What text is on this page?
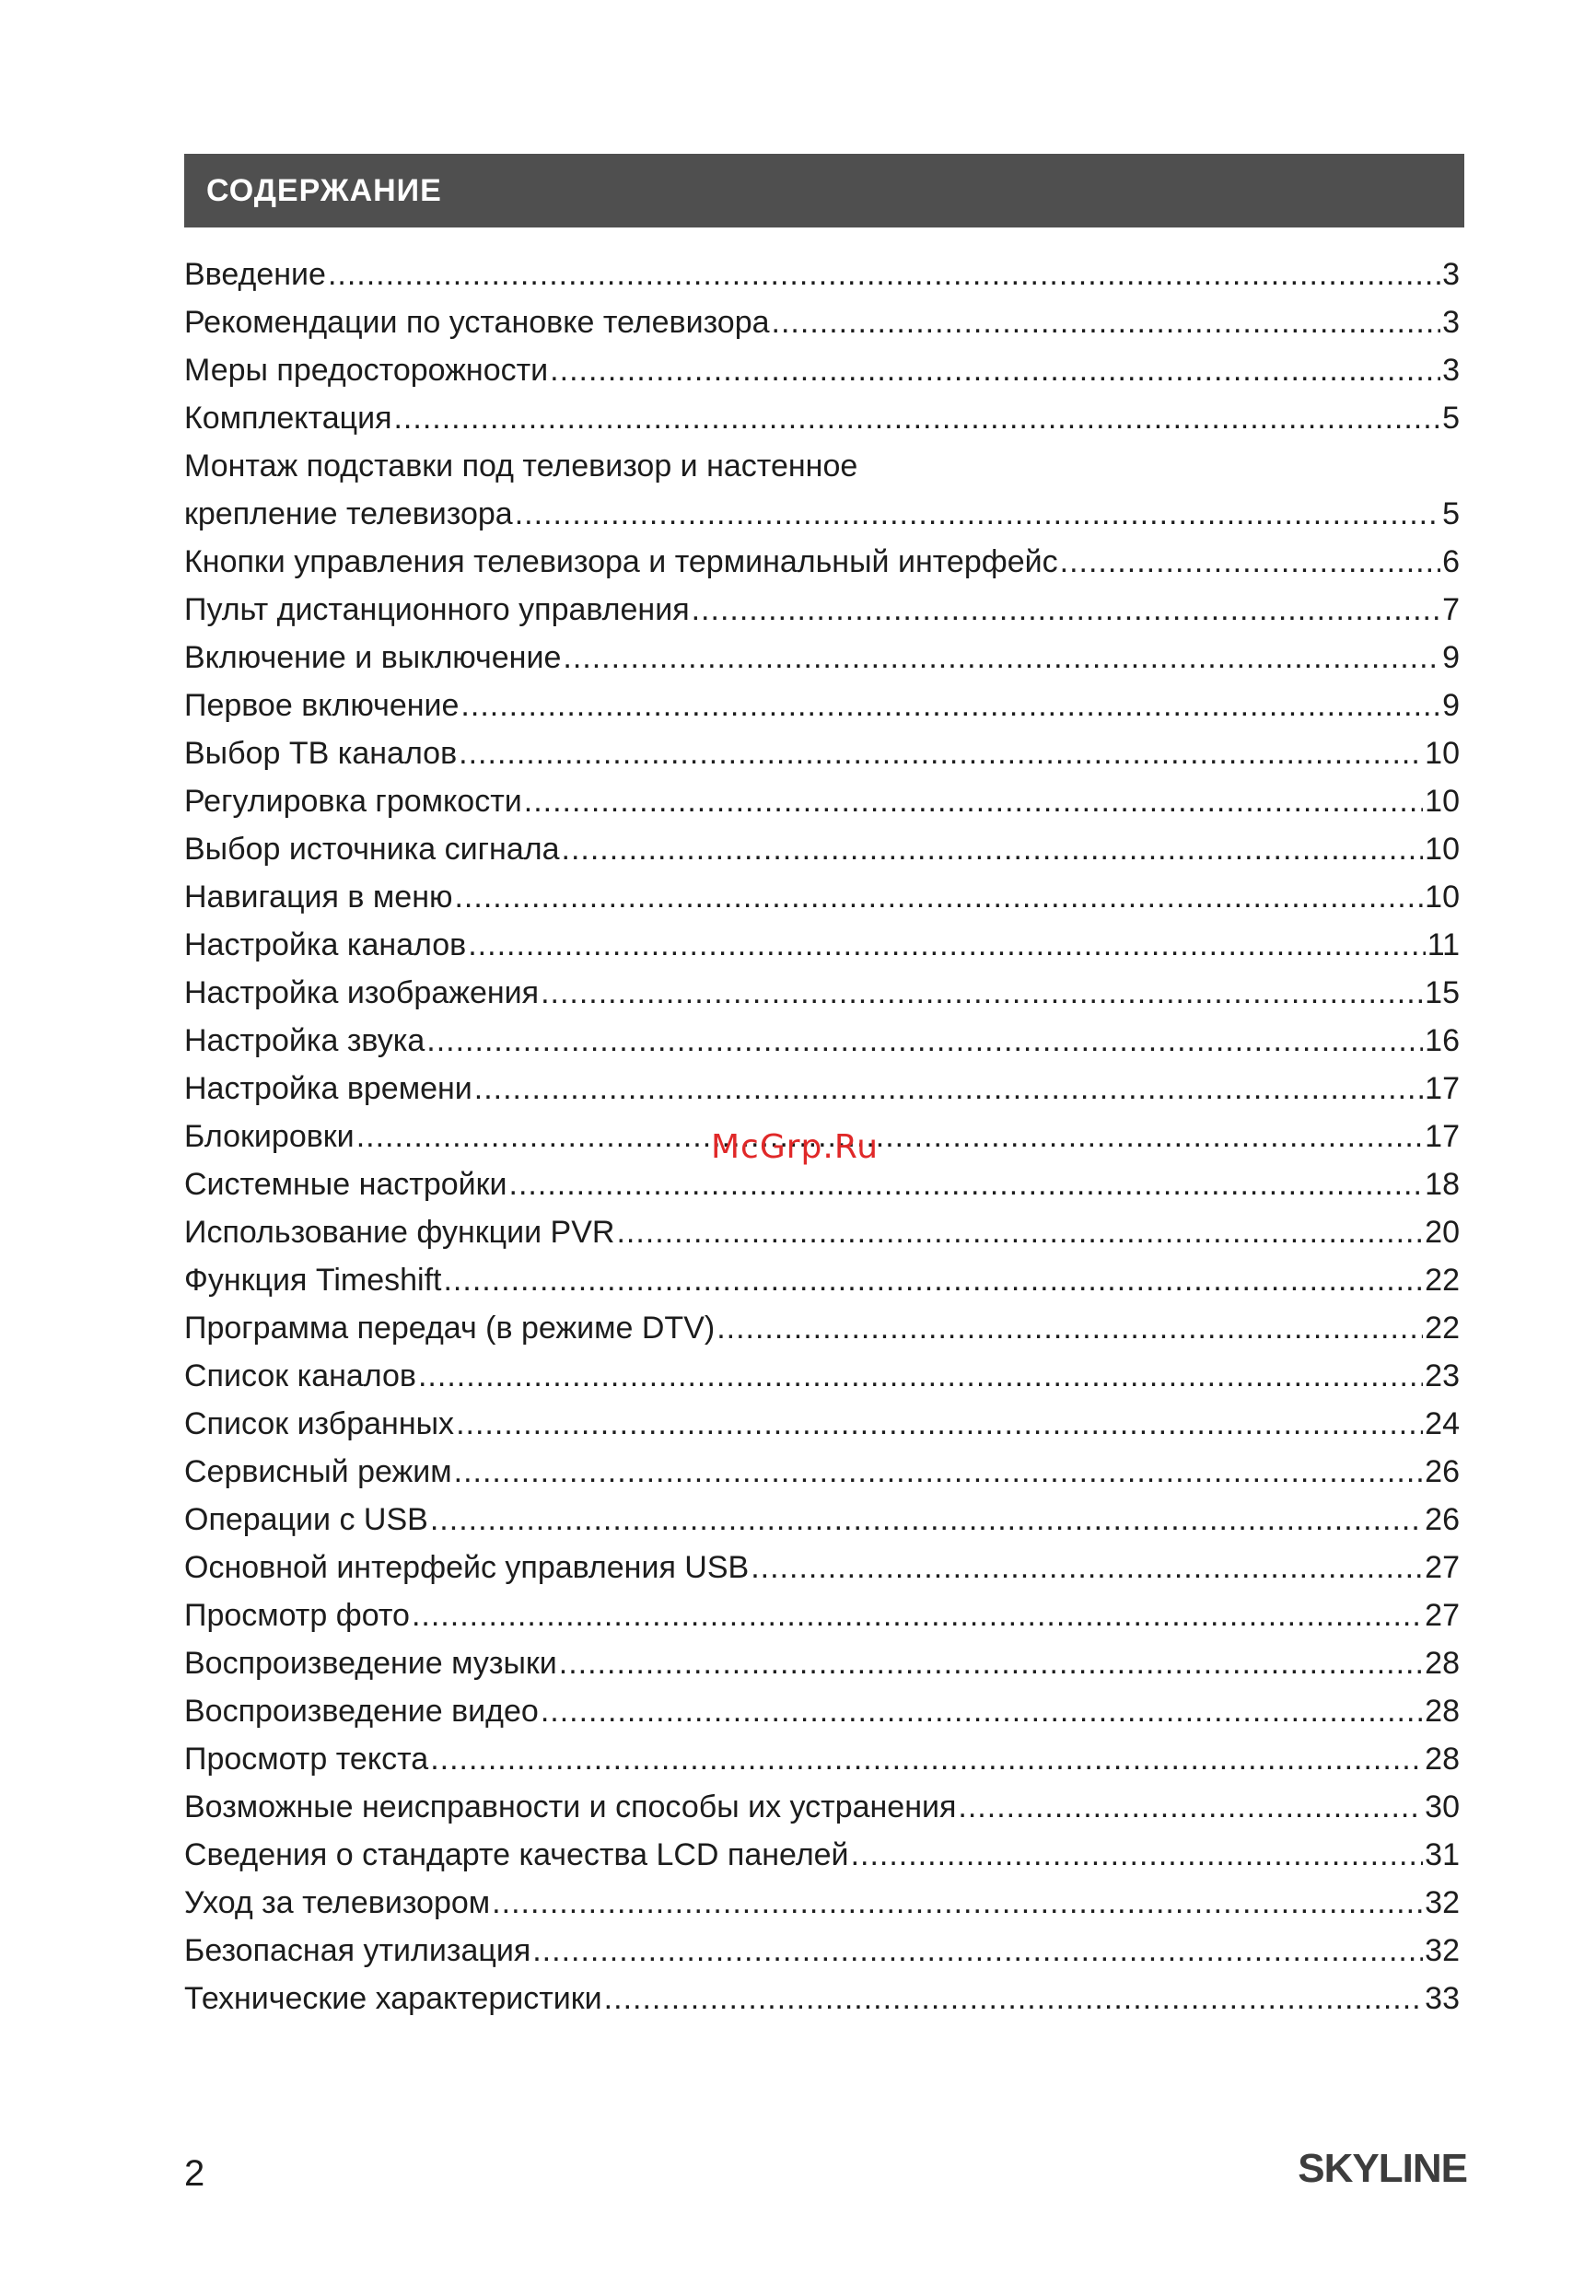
СОДЕРЖАНИЕ
Введение .....	3
Рекомендации по установке телевизора .....	3
Меры предосторожности .....	3
Комплектация .....	5
Монтаж подставки под телевизор и настенное
крепление телевизора .....	5
Кнопки управления телевизора и терминальный интерфейс .....	6
Пульт дистанционного управления .....	7
Включение и выключение .....	9
Первое включение .....	9
Выбор ТВ каналов .....	10
Регулировка громкости .....	10
Выбор источника сигнала .....	10
Навигация в меню .....	10
Настройка каналов .....	11
Настройка изображения .....	15
Настройка звука .....	16
Настройка времени .....	17
Блокировки .....	17
Системные настройки .....	18
Использование функции PVR .....	20
Функция Timeshift .....	22
Программа передач (в режиме DTV) .....	22
Список каналов .....	23
Список избранных .....	24
Сервисный режим .....	26
Операции с USB .....	26
Основной интерфейс управления USB .....	27
Просмотр фото .....	27
Воспроизведение музыки .....	28
Воспроизведение видео .....	28
Просмотр текста .....	28
Возможные неисправности и способы их устранения .....	30
Сведения о стандарте качества LCD панелей .....	31
Уход за телевизором .....	32
Безопасная утилизация .....	32
Технические характеристики .....	33
McGrp.Ru
2	SKYLINE
